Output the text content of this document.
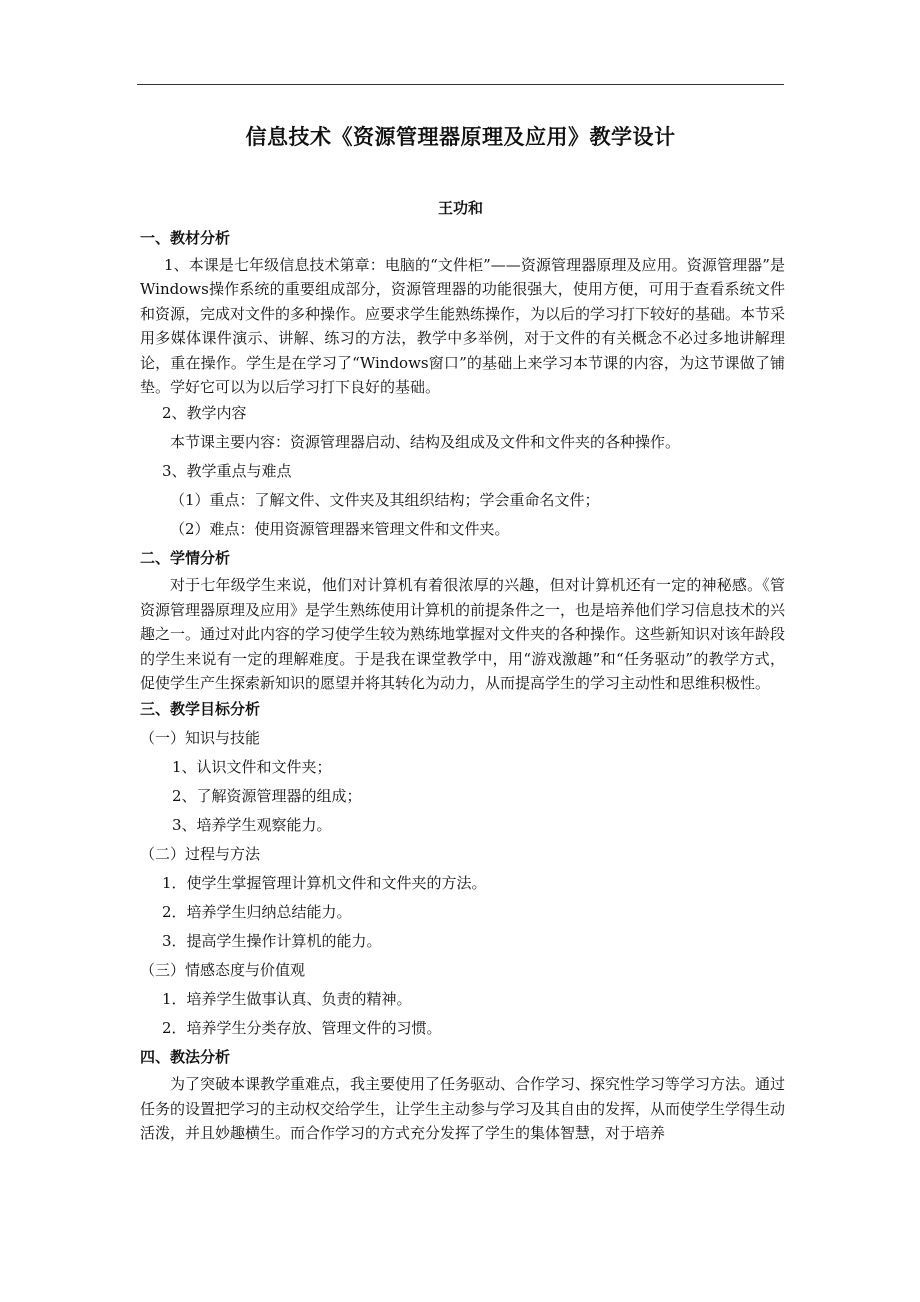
信息技术《资源管理器原理及应用》教学设计
王功和

一、教材分析

1、本课是七年级信息技术第章：电脑的“文件柜”——资源管理器原理及应用。资源管理器”是Windows操作系统的重要组成部分，资源管理器的功能很强大，使用方便，可用于查看系统文件和资源，完成对文件的多种操作。应要求学生能熟练操作，为以后的学习打下较好的基础。本节采用多媒体课件演示、讲解、练习的方法，教学中多举例，对于文件的有关概念不必过多地讲解理论，重在操作。学生是在学习了“Windows窗口”的基础上来学习本节课的内容，为这节课做了铺垫。学好它可以为以后学习打下良好的基础。

2、教学内容

本节课主要内容：资源管理器启动、结构及组成及文件和文件夹的各种操作。

3、教学重点与难点

（1）重点：了解文件、文件夹及其组织结构；学会重命名文件；

（2）难点：使用资源管理器来管理文件和文件夹。

二、学情分析

对于七年级学生来说，他们对计算机有着很浓厚的兴趣，但对计算机还有一定的神秘感。《管资源管理器原理及应用》是学生熟练使用计算机的前提条件之一，也是培养他们学习信息技术的兴趣之一。通过对此内容的学习使学生较为熟练地掌握对文件夹的各种操作。这些新知识对该年龄段的学生来说有一定的理解难度。于是我在课堂教学中，用“游戏激趣”和“任务驱动”的教学方式，促使学生产生探索新知识的愿望并将其转化为动力，从而提高学生的学习主动性和思维积极性。

三、教学目标分析

（一）知识与技能

1、认识文件和文件夹；

2、了解资源管理器的组成；

3、培养学生观察能力。

（二）过程与方法

1．使学生掌握管理计算机文件和文件夹的方法。

2．培养学生归纳总结能力。

3．提高学生操作计算机的能力。

（三）情感态度与价值观

1．培养学生做事认真、负责的精神。

2．培养学生分类存放、管理文件的习惯。

四、教法分析

为了突破本课教学重难点，我主要使用了任务驱动、合作学习、探究性学习等学习方法。通过任务的设置把学习的主动权交给学生，让学生主动参与学习及其自由的发挥，从而使学生学得生动活泼，并且妙趣横生。而合作学习的方式充分发挥了学生的集体智慧，对于培养
